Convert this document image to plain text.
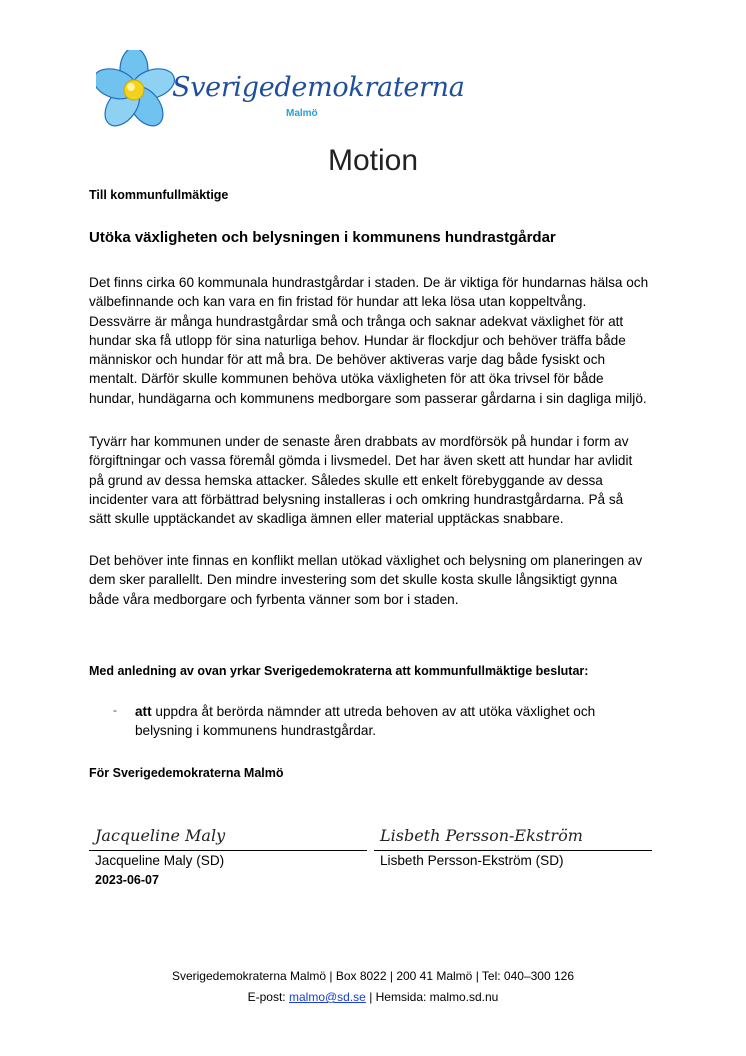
Sverigedemokraterna
Malmö
Motion
Till kommunfullmäktige
Utöka växligheten och belysningen i kommunens hundrastgårdar

Det finns cirka 60 kommunala hundrastgårdar i staden. De är viktiga för hundarnas hälsa och

välbefinnande och kan vara en fin fristad för hundar att leka lösa utan koppeltvång.

Dessvärre är många hundrastgårdar små och trånga och saknar adekvat växlighet för att

hundar ska få utlopp för sina naturliga behov. Hundar är flockdjur och behöver träffa både

människor och hundar för att må bra. De behöver aktiveras varje dag både fysiskt och

mentalt. Därför skulle kommunen behöva utöka växligheten för att öka trivsel för både

hundar, hundägarna och kommunens medborgare som passerar gårdarna i sin dagliga miljö.

Tyvärr har kommunen under de senaste åren drabbats av mordförsök på hundar i form av

förgiftningar och vassa föremål gömda i livsmedel. Det har även skett att hundar har avlidit

på grund av dessa hemska attacker. Således skulle ett enkelt förebyggande av dessa

incidenter vara att förbättrad belysning installeras i och omkring hundrastgårdarna. På så

sätt skulle upptäckandet av skadliga ämnen eller material upptäckas snabbare.

Det behöver inte finnas en konflikt mellan utökad växlighet och belysning om planeringen av

dem sker parallellt. Den mindre investering som det skulle kosta skulle långsiktigt gynna

både våra medborgare och fyrbenta vänner som bor i staden.

Med anledning av ovan yrkar Sverigedemokraterna att kommunfullmäktige beslutar:
- att uppdra åt berörda nämnder att utreda behoven av att utöka växlighet och
belysning i kommunens hundrastgårdar.
För Sverigedemokraterna Malmö
Jacqueline Maly	Lisbeth Persson-Ekström
Jacqueline Maly (SD)	Lisbeth Persson-Ekström (SD)
2023-06-07
Sverigedemokraterna Malmö | Box 8022 | 200 41 Malmö | Tel: 040–300 126
E-post: malmo@sd.se | Hemsida: malmo.sd.nu
